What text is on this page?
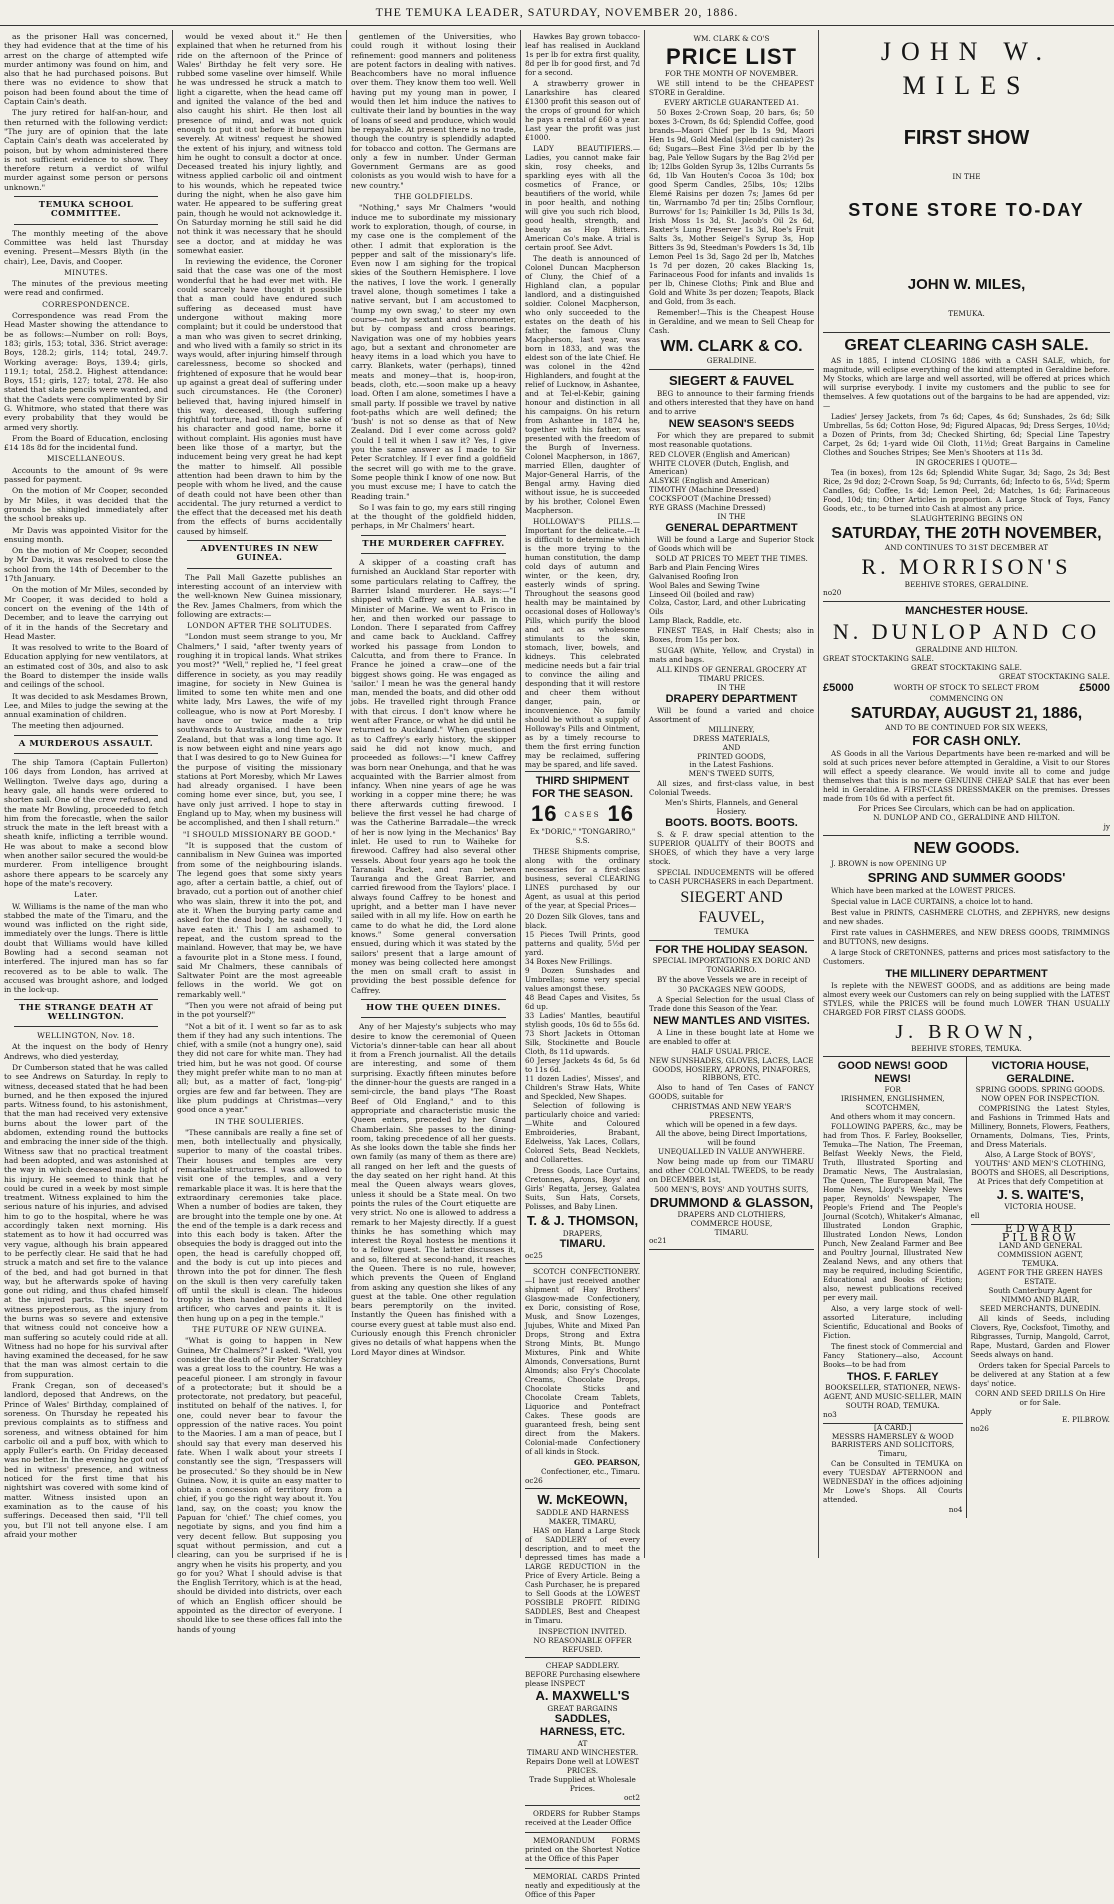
THE TEMUKA LEADER, SATURDAY, NOVEMBER 20, 1886.

as the prisoner Hall was concerned, they had evidence that at the time of his arrest on the charge of attempted wife murder antimony was found on him, and also that he had purchased poisons. But there was no evidence to show that poison had been found about the time of Captain Cain's death.

The jury retired for half-an-hour, and then returned with the following verdict: "The jury are of opinion that the late Captain Cain's death was accelerated by poison, but by whom administered there is not sufficient evidence to show. They therefore return a verdict of wilful murder against some person or persons unknown."

TEMUKA SCHOOL COMMITTEE.

The monthly meeting of the above Committee was held last Thursday evening. Present—Messrs Blyth (in the chair), Lee, Davis, and Cooper.

MINUTES.

The minutes of the previous meeting were read and confirmed.

CORRESPONDENCE.

Correspondence was read From the Head Master showing the attendance to be as follows:—Number on roll: Boys, 183; girls, 153; total, 336. Strict average: Boys, 128.2; girls, 114; total, 249.7. Working average: Boys, 139.4; girls, 119.1; total, 258.2. Highest attendance: Boys, 151; girls, 127; total, 278. He also stated that slate pencils were wanted, and that the Cadets were complimented by Sir G. Whitmore, who stated that there was every probability that they would be armed very shortly.

From the Board of Education, enclosing £14 18s 8d for the incidental fund.

MISCELLANEOUS.

Accounts to the amount of 9s were passed for payment.

On the motion of Mr Cooper, seconded by Mr Miles, it was decided that the grounds be shingled immediately after the school breaks up.

Mr Davis was appointed Visitor for the ensuing month.

On the motion of Mr Cooper, seconded by Mr Davis, it was resolved to close the school from the 14th of December to the 17th January.

On the motion of Mr Miles, seconded by Mr Cooper, it was decided to hold a concert on the evening of the 14th of December, and to leave the carrying out of it in the hands of the Secretary and Head Master.

It was resolved to write to the Board of Education applying for new ventilators, at an estimated cost of 30s, and also to ask the Board to distemper the inside walls and ceilings of the school.

It was decided to ask Mesdames Brown, Lee, and Miles to judge the sewing at the annual examination of children.

The meeting then adjourned.

A MURDEROUS ASSAULT.

The ship Tamora (Captain Fullerton) 106 days from London, has arrived at Wellington. Twelve days ago, during a heavy gale, all hands were ordered to shorten sail. One of the crew refused, and the mate Mr Bowling, proceeded to fetch him from the forecastle, when the sailor struck the mate in the left breast with a sheath knife, inflicting a terrible wound. He was about to make a second blow when another sailor secured the would-be murderer. From intelligence brought ashore there appears to be scarcely any hope of the mate's recovery.

Later.

W. Williams is the name of the man who stabbed the mate of the Timaru, and the wound was inflicted on the right side, immediately over the lungs. There is little doubt that Williams would have killed Bowling had a second seaman not interfered. The injured man has so far recovered as to be able to walk. The accused was brought ashore, and lodged in the lock-up.

THE STRANGE DEATH AT WELLINGTON.
WELLINGTON, Nov. 18.

At the inquest on the body of Henry Andrews, who died yesterday,

Dr Cumberson stated that he was called to see Andrews on Saturday. In reply to witness, deceased stated that he had been burned, and he then exposed the injured parts. Witness found, to his astonishment, that the man had received very extensive burns about the lower part of the abdomen, extending round the buttocks and embracing the inner side of the thigh. Witness saw that no practical treatment had been adopted, and was astonished at the way in which deceased made light of his injury. He seemed to think that he could be cured in a week by most simple treatment. Witness explained to him the serious nature of his injuries, and advised him to go to the hospital, where he was accordingly taken next morning. His statement as to how it had occurred was very vague, although his brain appeared to be perfectly clear. He said that he had struck a match and set fire to the valance of the bed, and had got burned in that way, but he afterwards spoke of having gone out riding, and thus chafed himself at the injured parts. This seemed to witness preposterous, as the injury from the burns was so severe and extensive that witness could not conceive how a man suffering so acutely could ride at all. Witness had no hope for his survival after having examined the deceased, for he saw that the man was almost certain to die from suppuration.

Frank Cregan, son of deceased's landlord, deposed that Andrews, on the Prince of Wales' Birthday, complained of soreness. On Thursday he repeated his previous complaints as to stiffness and soreness, and witness obtained for him carbolic oil and a puff box, with which to apply Fuller's earth. On Friday deceased was no better. In the evening he got out of bed in witness' presence, and witness noticed for the first time that his nightshirt was covered with some kind of matter. Witness insisted upon an examination as to the cause of his sufferings. Deceased then said, "I'll tell you, but I'll not tell anyone else. I am afraid your mother

would be vexed about it." He then explained that when he returned from his ride on the afternoon of the Prince of Wales' Birthday he felt very sore. He rubbed some vaseline over himself. While he was undressed he struck a match to light a cigarette, when the head came off and ignited the valance of the bed and also caught his shirt. He then lost all presence of mind, and was not quick enough to put it out before it burned him severely. At witness' request he showed the extent of his injury, and witness told him he ought to consult a doctor at once. Deceased treated his injury lightly, and witness applied carbolic oil and ointment to his wounds, which he repeated twice during the night, when he also gave him water. He appeared to be suffering great pain, though he would not acknowledge it. On Saturday morning he still said he did not think it was necessary that he should see a doctor, and at midday he was somewhat easier.

In reviewing the evidence, the Coroner said that the case was one of the most wonderful that he had ever met with. He could scarcely have thought it possible that a man could have endured such suffering as deceased must have undergone without making more complaint; but it could be understood that a man who was given to secret drinking, and who lived with a family so strict in its ways would, after injuring himself through carelessness, become so shocked and frightened of exposure that he would bear up against a great deal of suffering under such circumstances. He (the Coroner) believed that, having injured himself in this way, deceased, though suffering frightful torture, had still, for the sake of his character and good name, borne it without complaint. His agonies must have been like those of a martyr, but the inducement being very great he had kept the matter to himself. All possible attention had been drawn to him by the people with whom he lived, and the cause of death could not have been other than accidental. The jury returned a verdict to the effect that the deceased met his death from the effects of burns accidentally caused by himself.

ADVENTURES IN NEW GUINEA.

The Pall Mall Gazette publishes an interesting account of an interview with the well-known New Guinea missionary, the Rev. James Chalmers, from which the following are extracts:—

LONDON AFTER THE SOLITUDES.

"London must seem strange to you, Mr Chalmers," I said, "after twenty years of roughing it in tropical lands. What strikes you most?" "Well," replied he, "I feel great difference in society, as you may readily imagine, for society in New Guinea is limited to some ten white men and one white lady, Mrs Lawes, the wife of my colleague, who is now at Port Moresby. I have once or twice made a trip southwards to Australia, and then to New Zealand, but that was a long time ago. It is now between eight and nine years ago that I was desired to go to New Guinea for the purpose of visiting the missionary stations at Port Moresby, which Mr Lawes had already organised. I have been coming home ever since, but, you see, I have only just arrived. I hope to stay in England up to May, when my business will be accomplished, and then I shall return."

"I SHOULD MISSIONARY BE GOOD."

"It is supposed that the custom of cannibalism in New Guinea was imported from some of the neighbouring islands. The legend goes that some sixty years ago, after a certain battle, a chief, out of bravado, cut a portion out of another chief who was slain, threw it into the pot, and ate it. When the burying party came and asked for the dead body, he said coolly, 'I have eaten it.' This I am ashamed to repeat, and the custom spread to the mainland. However, that may be, we have a favourite plot in a Stone mess. I found, said Mr Chalmers, these cannibals of Saltwater Point are the most agreeable fellows in the world. We got on remarkably well."

"Then you were not afraid of being put in the pot yourself?"

"Not a bit of it. I went so far as to ask them if they had any such intentions. The chief, with a smile (not a hungry one), said they did not care for white man. They had tried him, but he was not good. Of course they might prefer white man to no man at all; but, as a matter of fact, 'long-pig' orgies are few and far between. They are like plum puddings at Christmas—very good once a year."

IN THE SOULIERIES.

"These cannibals are really a fine set of men, both intellectually and physically, superior to many of the coastal tribes. Their houses and temples are very remarkable structures. I was allowed to visit one of the temples, and a very remarkable place it was. It is here that the extraordinary ceremonies take place. When a number of bodies are taken, they are brought into the temple one by one. At the end of the temple is a dark recess and into this each body is taken. After the obsequies the body is dragged out into the open, the head is carefully chopped off, and the body is cut up into pieces and thrown into the pot for dinner. The flesh on the skull is then very carefully taken off until the skull is clean. The hideous trophy is then handed over to a skilled artificer, who carves and paints it. It is then hung up on a peg in the temple."

THE FUTURE OF NEW GUINEA.

"What is going to happen in New Guinea, Mr Chalmers?" I asked. "Well, you consider the death of Sir Peter Scratchley was a great loss to the country. He was a peaceful pioneer. I am strongly in favour of a protectorate; but it should be a protectorate, not predatory, but peaceful, instituted on behalf of the natives. I, for one, could never bear to favour the oppression of the native races. You point to the Maories. I am a man of peace, but I should say that every man deserved his fate. When I walk about your streets I constantly see the sign, 'Trespassers will be prosecuted.' So they should be in New Guinea. Now, it is quite an easy matter to obtain a concession of territory from a chief, if you go the right way about it. You land, say, on the coast; you know the Papuan for 'chief.' The chief comes, you negotiate by signs, and you find him a very decent fellow. But supposing you squat without permission, and cut a clearing, can you be surprised if he is angry when he visits his property, and you go for you? What I should advise is that the English Territory, which is at the head, should be divided into districts, over each of which an English officer should be appointed as the director of everyone. I should like to see these offices fall into the hands of young

gentlemen of the Universities, who could rough it without losing their refinement: good manners and politeness are potent factors in dealing with natives. Beachcombers have no moral influence over them. They know them too well. Well having put my young man in power, I would then let him induce the natives to cultivate their land by bounties in the way of loans of seed and produce, which would be repayable. At present there is no trade, though the country is splendidly adapted for tobacco and cotton. The Germans are only a few in number. Under German Government Germans are as good colonists as you would wish to have for a new country."

THE GOLDFIELDS.

"Nothing," says Mr Chalmers "would induce me to subordinate my missionary work to exploration, though, of course, in my case one is the complement of the other. I admit that exploration is the pepper and salt of the missionary's life. Even now I am sighing for the tropical skies of the Southern Hemisphere. I love the natives, I love the work. I generally travel alone, though sometimes I take a native servant, but I am accustomed to 'hump my own swag,' to steer my own course—not by sextant and chronometer, but by compass and cross bearings. Navigation was one of my hobbies years ago, but a sextant and chronometer are heavy items in a load which you have to carry. Blankets, water (perhaps), tinned meats and money—that is, hoop-iron, beads, cloth, etc.—soon make up a heavy load. Often I am alone, sometimes I have a small party. If possible we travel by native foot-paths which are well defined; the 'bush' is not so dense as that of New Zealand. Did I ever come across gold? Could I tell it when I saw it? Yes, I give you the same answer as I made to Sir Peter Scratchley. If I ever find a goldfield the secret will go with me to the grave. Some people think I know of one now. But you must excuse me; I have to catch the Reading train."

So I was fain to go, my ears still ringing at the thought of the goldfield hidden, perhaps, in Mr Chalmers' heart.

THE MURDERER CAFFREY.

A skipper of a coasting craft has furnished an Auckland Star reporter with some particulars relating to Caffrey, the Barrier Island murderer. He says:—"I shipped with Caffrey as an A.B. in the Minister of Marine. We went to Frisco in her, and then worked our passage to London. There I separated from Caffrey and came back to Auckland. Caffrey worked his passage from London to Calcutta, and from there to France. In France he joined a craw—one of the biggest shows going. He was engaged as 'sailor.' I mean he was the general handy man, mended the boats, and did other odd jobs. He travelled right through France with that circus. I don't know where he went after France, or what he did until he returned to Auckland." When questioned as to Caffrey's early history, the skipper said he did not know much, and proceeded as follows:—"I knew Caffrey was born near Onehunga, and that he was acquainted with the Barrier almost from infancy. When nine years of age he was working in a copper mine there; he was there afterwards cutting firewood. I believe the first vessel he had charge of was the Catherine Barradale—the wreck of her is now lying in the Mechanics' Bay inlet. He used to run to Waiheke for firewood. Caffrey had also several other vessels. About four years ago he took the Taranaki Packet, and ran between Tauranga and the Great Barrier, and carried firewood from the Taylors' place. I always found Caffrey to be honest and upright, and a better man I have never sailed with in all my life. How on earth he came to do what he did, the Lord alone knows." Some general conversation ensued, during which it was stated by the sailors' present that a large amount of money was being collected here amongst the men on small craft to assist in providing the best possible defence for Caffrey.

HOW THE QUEEN DINES.

Any of her Majesty's subjects who may desire to know the ceremonial of Queen Victoria's dinner-table can hear all about it from a French journalist. All the details are interesting, and some of them surprising. Exactly fifteen minutes before the dinner-hour the guests are ranged in a semi-circle, the band plays "The Roast Beef of Old England," and to this appropriate and characteristic music the Queen enters, preceded by her Grand Chamberlain. She passes to the dining-room, taking precedence of all her guests. As she looks down the table she finds her own family (as many of them as there are) all ranged on her left and the guests of the day seated on her right hand. At this meal the Queen always wears gloves, unless it should be a State meal. On two points the rules of the Court etiquette are very strict. No one is allowed to address a remark to her Majesty directly. If a guest thinks he has something which may interest the Royal hostess he mentions it to a fellow guest. The latter discusses it, and so, filtered at second-hand, it reaches the Queen. There is no rule, however, which prevents the Queen of England from asking any question she likes of any guest at the table. One other regulation bears peremptorily on the invited. Instantly the Queen has finished with a course every guest at table must also end. Curiously enough this French chronicler gives no details of what happens when the Lord Mayor dines at Windsor.

Hawkes Bay grown tobacco-leaf has realised in Auckland 1s per lb for extra first quality, 8d per lb for good first, and 7d for a second.

A strawberry grower in Lanarkshire has cleared £1300 profit this season out of the crops of ground for which he pays a rental of £60 a year. Last year the profit was just £1000.

LADY BEAUTIFIERS.—Ladies, you cannot make fair skin, rosy cheeks, and sparkling eyes with all the cosmetics of France, or beautifiers of the world, while in poor health, and nothing will give you such rich blood, good health, strength, and beauty as Hop Bitters. American Co's make. A trial is certain proof. See Advt.

The death is announced of Colonel Duncan Macpherson of Cluny, the Chief of a Highland clan, a popular landlord, and a distinguished soldier. Colonel Macpherson, who only succeeded to the estates on the death of his father, the famous Cluny Macpherson, last year, was born in 1833, and was the eldest son of the late Chief. He was colonel in the 42nd Highlanders, and fought at the relief of Lucknow, in Ashantee, and at Tel-el-Kebir, gaining honour and distinction in all his campaigns. On his return from Ashantee in 1874 he, together with his father, was presented with the freedom of the Burgh of Inverness. Colonel Macpherson, in 1867, married Ellen, daughter of Major-General Harris, of the Bengal army. Having died without issue, he is succeeded by his brother, Colonel Ewen Macpherson.

HOLLOWAY'S PILLS.—Important for the delicate.—It is difficult to determine which is the more trying to the human constitution, the damp cold days of autumn and winter, or the keen, dry, easterly winds of spring. Throughout the seasons good health may be maintained by occasional doses of Holloway's Pills, which purify the blood and act as wholesome stimulants to the skin, stomach, liver, bowels, and kidneys. This celebrated medicine needs but a fair trial to convince the ailing and desponding that it will restore and cheer them without danger, pain, or inconvenience. No family should be without a supply of Holloway's Pills and Ointment, as by a timely recourse to them the first erring function may be reclaimed, suffering may be spared, and life saved.

THIRD SHIPMENT FOR THE SEASON.
16 CASES 16
Ex "DORIC," "TONGARIRO," S.S.

THESE Shipments comprise, along with the ordinary necessaries for a first-class business, several CLEARING LINES purchased by our Agent, as usual at this period of the year, at Special Prices—

20 Dozen Silk Gloves, tans and black.

15 Pieces Twill Prints, good patterns and quality, 5½d per yard.

34 Boxes New Frillings.

9 Dozen Sunshades and Umbrellas; some very special values amongst these.

48 Bead Capes and Visites, 5s 6d up.

33 Ladies' Mantles, beautiful stylish goods, 10s 6d to 55s 6d.

73 Short Jackets in Ottoman Silk, Stockinette and Boucle Cloth, 8s 11d upwards.

60 Jersey Jackets 4s 6d, 5s 6d to 11s 6d.

11 dozen Ladies', Misses', and Children's Straw Hats, White and Speckled, New Shapes.

Selection of following is particularly choice and varied:—White and Coloured Embroideries, Brabant, Edelweiss, Yak Laces, Collars, Colored Sets, Bead Necklets, and Collarettes.

Dress Goods, Lace Curtains, Cretonnes, Aprons, Boys' and Girls' Regatta, Jersey, Galatea Suits, Sun Hats, Corsets, Polisses, and Baby Linen.

T. & J. THOMSON,
DRAPERS,
TIMARU.
oc25

SCOTCH CONFECTIONERY.—I have just received another shipment of Hay Brothers' Glasgow-made Confectionery, ex Doric, consisting of Rose, Musk, and Snow Lozenges, Jujubes, White and Mixed Pan Drops, Strong and Extra Strong Mints, Bt. Mungo Mixtures, Pink and White Almonds, Conversations, Burnt Almonds; also Fry's Chocolate Creams, Chocolate Drops, Chocolate Sticks and Chocolate Cream Tablets, Liquorice and Pontefract Cakes. These goods are guaranteed fresh, being sent direct from the Makers. Colonial-made Confectionery of all kinds in Stock.

GEO. PEARSON,
Confectioner, etc., Timaru.
oc26
W. McKEOWN,
SADDLE AND HARNESS MAKER, TIMARU,

HAS on Hand a Large Stock of SADDLERY of every description, and to meet the depressed times has made a LARGE REDUCTION in the Price of Every Article. Being a Cash Purchaser, he is prepared to Sell Goods at the LOWEST POSSIBLE PROFIT. RIDING SADDLES, Best and Cheapest in Timaru.

INSPECTION INVITED.
NO REASONABLE OFFER REFUSED.
CHEAP SADDLERY.
BEFORE Purchasing elsewhere please INSPECT
A. MAXWELL'S
GREAT BARGAINS
SADDLES, HARNESS, ETC.
AT
TIMARU AND WINCHESTER.
Repairs Done well at LOWEST PRICES.
Trade Supplied at Wholesale Prices.
oct2

ORDERS for Rubber Stamps received at the Leader Office

MEMORANDUM FORMS printed on the Shortest Notice at the Office of this Paper

MEMORIAL CARDS Printed neatly and expeditiously at the Office of this Paper

WM. CLARK & CO'S
PRICE LIST
FOR THE MONTH OF NOVEMBER.

WE still intend to be the CHEAPEST STORE in Geraldine.

EVERY ARTICLE GUARANTEED A1.

50 Boxes 2-Crown Soap, 20 bars, 6s; 50 boxes 3-Crown, 8s 6d; Splendid Coffee, good brands—Maori Chief per lb 1s 9d, Maori Hen 1s 9d, Gold Medal (splendid canister) 2s 6d; Sugars—Best Fine 3½d per lb by the bag, Pale Yellow Sugars by the Bag 2½d per lb; 12lbs Golden Syrup 3s, 12lbs Currants 5s 6d, 1lb Van Houten's Cocoa 3s 10d; box good Sperm Candles, 25lbs, 10s; 12lbs Elemé Raisins per dozen 7s; James 6d per tin, Warrnambo 7d per tin; 25lbs Cornflour, Burrows' for 1s; Painkiller 1s 3d, Pills 1s 3d, Irish Moss 1s 3d, St. Jacob's Oil 2s 6d, Baxter's Lung Preserver 1s 3d, Roe's Fruit Salts 3s, Mother Seigel's Syrup 3s, Hop Bitters 3s 9d, Steedman's Powders 1s 3d, 1lb Lemon Peel 1s 3d, Sago 2d per lb, Matches 1s 7d per dozen, 20 cakes Blacking 1s, Farinaceous Food for infants and invalids 1s per lb, Chinese Cloths; Pink and Blue and Gold and White 3s per dozen; Teapots, Black and Gold, from 3s each.

Remember!—This is the Cheapest House in Geraldine, and we mean to Sell Cheap for Cash.

WM. CLARK & CO.
GERALDINE.
SIEGERT & FAUVEL

BEG to announce to their farming friends and others interested that they have on hand and to arrive

NEW SEASON'S SEEDS

For which they are prepared to submit most reasonable quotations.

RED CLOVER (English and American)

WHITE CLOVER (Dutch, English, and American)

ALSYKE (English and American)

TIMOTHY (Machine Dressed)

COCKSFOOT (Machine Dressed)

RYE GRASS (Machine Dressed)

IN THE
GENERAL DEPARTMENT

Will be found a Large and Superior Stock of Goods which will be

SOLD AT PRICES TO MEET THE TIMES.

Barb and Plain Fencing Wires

Galvanised Roofing Iron

Wool Bales and Sewing Twine

Linseed Oil (boiled and raw)

Colza, Castor, Lard, and other Lubricating Oils

Lamp Black, Raddle, etc.

FINEST TEAS, in Half Chests; also in Boxes, from 15s per box.

SUGAR (White, Yellow, and Crystal) in mats and bags.

ALL KINDS OF GENERAL GROCERY AT TIMARU PRICES.
IN THE
DRAPERY DEPARTMENT

Will be found a varied and choice Assortment of

MILLINERY,
DRESS MATERIALS,
AND
PRINTED GOODS,
in the Latest Fashions.
MEN'S TWEED SUITS,

All sizes, and first-class value, in best Colonial Tweeds.

Men's Shirts, Flannels, and General Hosiery.
BOOTS. BOOTS. BOOTS.

S. & F. draw special attention to the SUPERIOR QUALITY of their BOOTS and SHOES, of which they have a very large stock.

SPECIAL INDUCEMENTS will be offered to CASH PURCHASERS in each Department.

SIEGERT AND FAUVEL,
TEMUKA
FOR THE HOLIDAY SEASON.
SPECIAL IMPORTATIONS EX DORIC AND TONGARIRO.

BY the above Vessels we are in receipt of

30 PACKAGES NEW GOODS,

A Special Selection for the usual Class of Trade done this Season of the Year.

NEW MANTLES AND VISITES.

A Line in these bought late at Home we are enabled to offer at

HALF USUAL PRICE.
NEW SUNSHADES, GLOVES, LACES, LACE GOODS, HOSIERY, APRONS, PINAFORES, RIBBONS, ETC.

Also to hand of Ten Cases of FANCY GOODS, suitable for

CHRISTMAS AND NEW YEAR'S PRESENTS,
which will be opened in a few days.
All the above, being Direct Importations, will be found
UNEQUALLED IN VALUE ANYWHERE.

Now being made up from our TIMARU and other COLONIAL TWEEDS, to be ready on DECEMBER 1st,

500 MEN'S, BOYS' AND YOUTHS SUITS,
DRUMMOND & GLASSON,
DRAPERS AND CLOTHIERS,
COMMERCE HOUSE,
TIMARU.
oc21
JOHN W. MILES
FIRST SHOW
IN THE
STONE STORE TO-DAY
JOHN W. MILES,
TEMUKA.
GREAT CLEARING CASH SALE.

AS in 1885, I intend CLOSING 1886 with a CASH SALE, which, for magnitude, will eclipse everything of the kind attempted in Geraldine before. My Stocks, which are large and well assorted, will be offered at prices which will surprise everybody. I invite my customers and the public to see for themselves. A few quotations out of the bargains to be had are appended, viz:—

Ladies' Jersey Jackets, from 7s 6d; Capes, 4s 6d; Sunshades, 2s 6d; Silk Umbrellas, 5s 6d; Cotton Hose, 9d; Figured Alpacas, 9d; Dress Serges, 10½d; a Dozen of Prints, from 3d; Checked Shirting, 6d; Special Line Tapestry Carpet, 2s 6d; 1-yard wide Oil Cloth, 11½d; Great Bargains in Cameline Clothes and Souches Stripes; See Men's Shooters at 11s 3d.

IN GROCERIES I QUOTE—

Tea (in boxes), from 12s 6d; Splendid White Sugar, 3d; Sago, 2s 3d; Best Rice, 2s 9d doz; 2-Crown Soap, 5s 9d; Currants, 6d; Infecto to 6s, 5¼d; Sperm Candles, 6d; Coffee, 1s 4d; Lemon Peel, 2d; Matches, 1s 6d; Farinaceous Food, 10d; tin; Other Articles in proportion. A Large Stock of Toys, Fancy Goods, etc., to be turned into Cash at almost any price.

SLAUGHTERING BEGINS ON
SATURDAY, THE 20TH NOVEMBER,
AND CONTINUES TO 31ST DECEMBER AT
R. MORRISON'S
BEEHIVE STORES, GERALDINE.
no20
MANCHESTER HOUSE.
N. DUNLOP AND CO
GERALDINE AND HILTON.
GREAT STOCKTAKING SALE.
GREAT STOCKTAKING SALE.
GREAT STOCKTAKING SALE.
£5000	WORTH OF STOCK TO SELECT FROM	£5000
COMMENCING ON
SATURDAY, AUGUST 21, 1886,
AND TO BE CONTINUED FOR SIX WEEKS,
FOR CASH ONLY.

AS Goods in all the Various Departments have been re-marked and will be sold at such prices never before attempted in Geraldine, a Visit to our Stores will effect a speedy clearance. We would invite all to come and judge themselves that this is no mere GENUINE CHEAP SALE that has ever been held in Geraldine. A FIRST-CLASS DRESSMAKER on the premises. Dresses made from 10s 6d with a perfect fit.

For Prices See Circulars, which can be had on application.
N. DUNLOP AND CO., GERALDINE AND HILTON.
jy
NEW GOODS.

J. BROWN is now OPENING UP

SPRING AND SUMMER GOODS'

Which have been marked at the LOWEST PRICES.

Special value in LACE CURTAINS, a choice lot to hand.

Best value in PRINTS, CASHMERE CLOTHS, and ZEPHYRS, new designs and new shades.

First rate values in CASHMERES, and NEW DRESS GOODS, TRIMMINGS and BUTTONS, new designs.

A large Stock of CRETONNES, patterns and prices most satisfactory to the Customers.

THE MILLINERY DEPARTMENT

Is replete with the NEWEST GOODS, and as additions are being made almost every week our Customers can rely on being supplied with the LATEST STYLES, while the PRICES will be found much LOWER THAN USUALLY CHARGED FOR FIRST CLASS GOODS.

J. BROWN,
BEEHIVE STORES, TEMUKA.
GOOD NEWS! GOOD NEWS!
FOR
IRISHMEN, ENGLISHMEN, SCOTCHMEN,
And others whom it may concern.

FOLLOWING PAPERS, &c., may be had from Thos. F. Farley, Bookseller, Temuka—The Nation, The Freeman, Belfast Weekly News, the Field, Truth, Illustrated Sporting and Dramatic News, The Australasian, The Queen, The European Mail, The Home News, Lloyd's Weekly News paper, Reynolds' Newspaper, The People's Friend and The People's Journal (Scotch), Whitaker's Almanac, Illustrated London Graphic, Illustrated London News, London Punch, New Zealand Farmer and Bee and Poultry Journal, Illustrated New Zealand News, and any others that may be required, including Scientific, Educational and Books of Fiction; also, newest publications received per every mail.

Also, a very large stock of well-assorted Literature, including Scientific, Educational and Books of Fiction.

The finest stock of Commercial and Fancy Stationery—also, Account Books—to be had from

THOS. F. FARLEY
BOOKSELLER, STATIONER, NEWS-AGENT, AND MUSIC-SELLER, MAIN SOUTH ROAD, TEMUKA.
no3
[A CARD.]
MESSRS HAMERSLEY & WOOD
BARRISTERS AND SOLICITORS,
Timaru,

Can be Consulted in TEMUKA on every TUESDAY AFTERNOON and WEDNESDAY in the offices adjoining Mr Lowe's Shops. All Courts attended.

no4
VICTORIA HOUSE, GERALDINE.
SPRING GOODS. SPRING GOODS.
NOW OPEN FOR INSPECTION.

COMPRISING the Latest Styles, and Fashions in Trimmed Hats and Millinery, Bonnets, Flowers, Feathers, Ornaments, Dolmans, Ties, Prints, and Dress Materials.

Also, A Large Stock of BOYS', YOUTHS' AND MEN'S CLOTHING,
BOOTS and SHOES, all Descriptions, At Prices that defy Competition at
J. S. WAITE'S,
VICTORIA HOUSE.
ell
EDWARD PILBROW
LAND AND GENERAL COMMISSION AGENT,
TEMUKA.
AGENT FOR THE GREEN HAYES ESTATE.
South Canterbury Agent for
NIMMO AND BLAIR,
SEED MERCHANTS, DUNEDIN.

All kinds of Seeds, including Clovers, Rye, Cocksfoot, Timothy, and Ribgrasses, Turnip, Mangold, Carrot, Rape, Mustard, Garden and Flower Seeds always on hand.

Orders taken for Special Parcels to be delivered at any Station at a few days' notice.

CORN AND SEED DRILLS On Hire or for Sale.
Apply
E. PILBROW.
no26
